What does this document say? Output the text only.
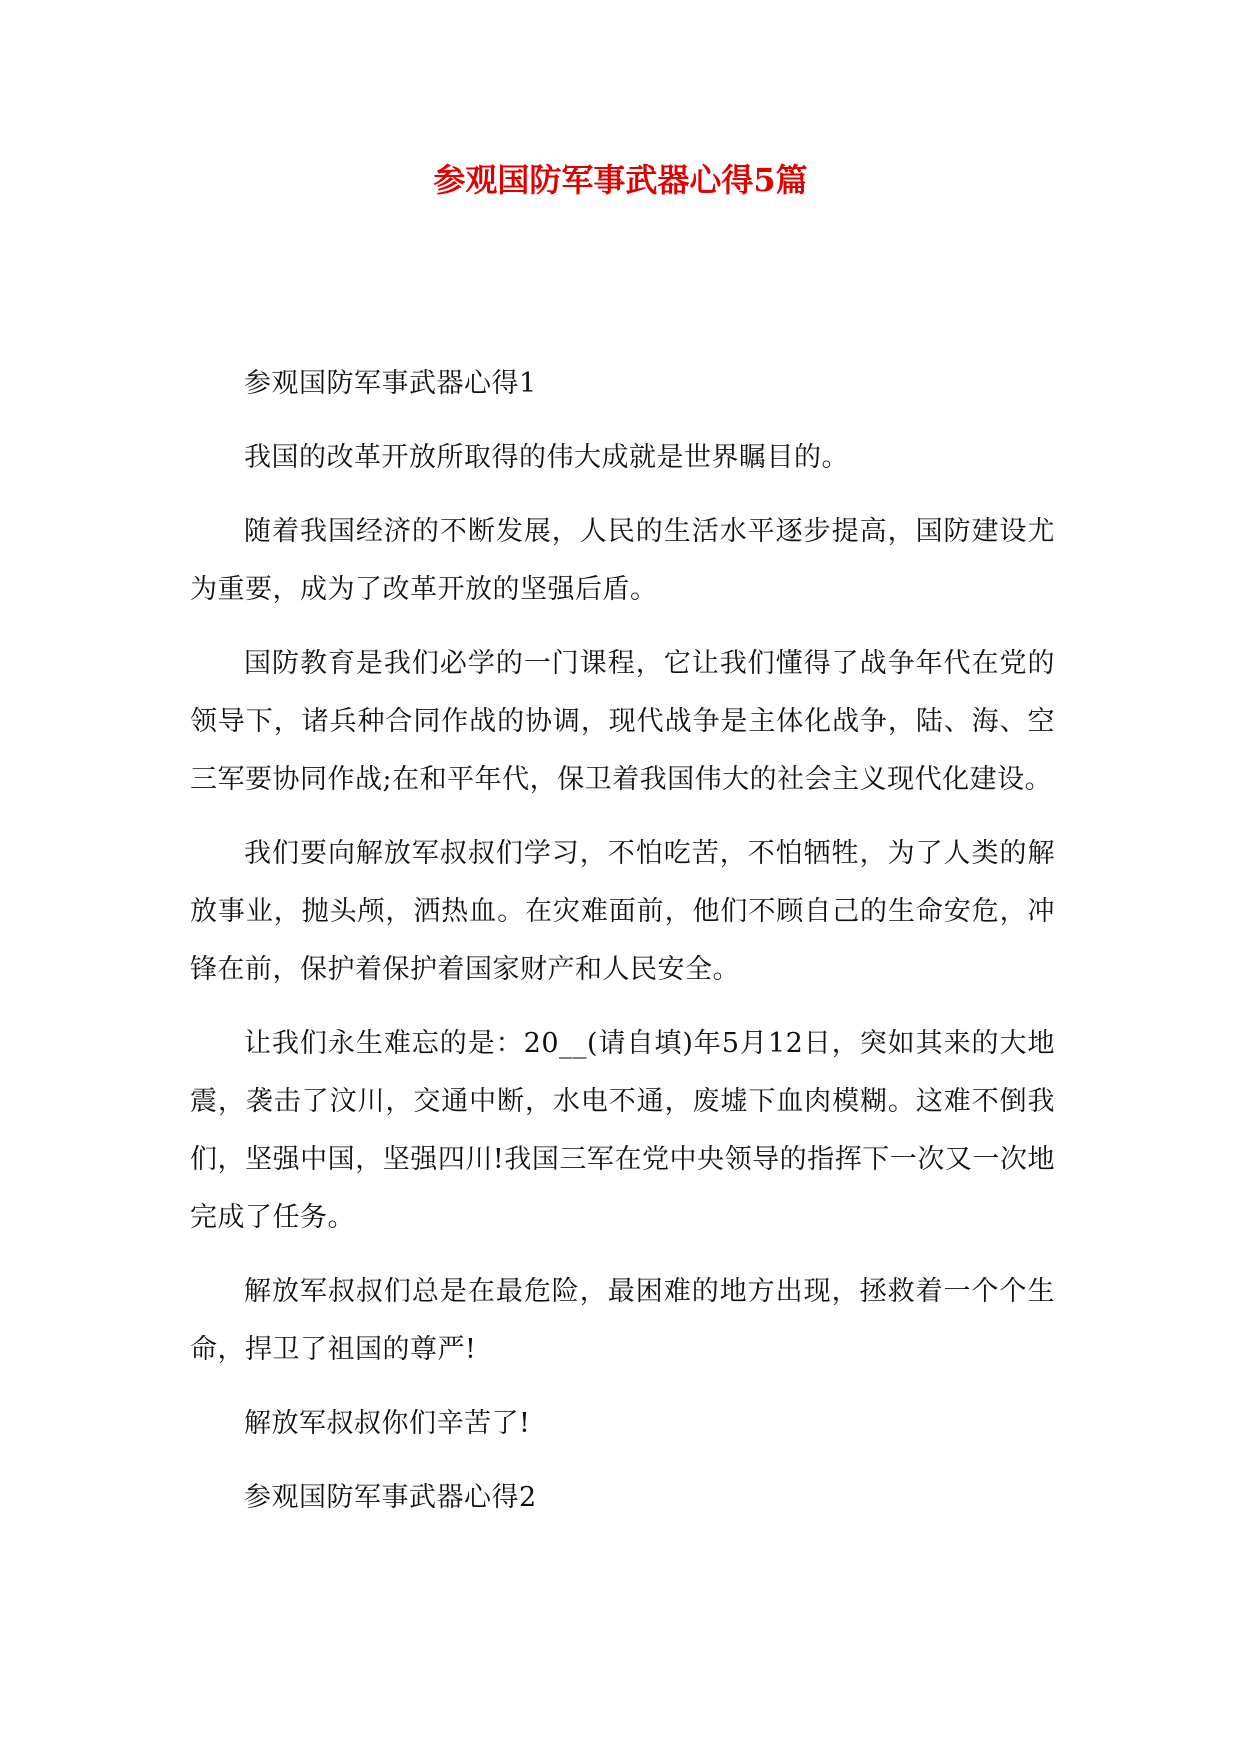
参观国防军事武器心得5篇

参观国防军事武器心得1

我国的改革开放所取得的伟大成就是世界瞩目的。

随着我国经济的不断发展，人民的生活水平逐步提高，国防建设尤为重要，成为了改革开放的坚强后盾。

国防教育是我们必学的一门课程，它让我们懂得了战争年代在党的领导下，诸兵种合同作战的协调，现代战争是主体化战争，陆、海、空三军要协同作战;在和平年代，保卫着我国伟大的社会主义现代化建设。

我们要向解放军叔叔们学习，不怕吃苦，不怕牺牲，为了人类的解放事业，抛头颅，洒热血。在灾难面前，他们不顾自己的生命安危，冲锋在前，保护着保护着国家财产和人民安全。

让我们永生难忘的是：20__(请自填)年5月12日，突如其来的大地震，袭击了汶川，交通中断，水电不通，废墟下血肉模糊。这难不倒我们，坚强中国，坚强四川!我国三军在党中央领导的指挥下一次又一次地完成了任务。

解放军叔叔们总是在最危险，最困难的地方出现，拯救着一个个生命，捍卫了祖国的尊严!

解放军叔叔你们辛苦了!

参观国防军事武器心得2
